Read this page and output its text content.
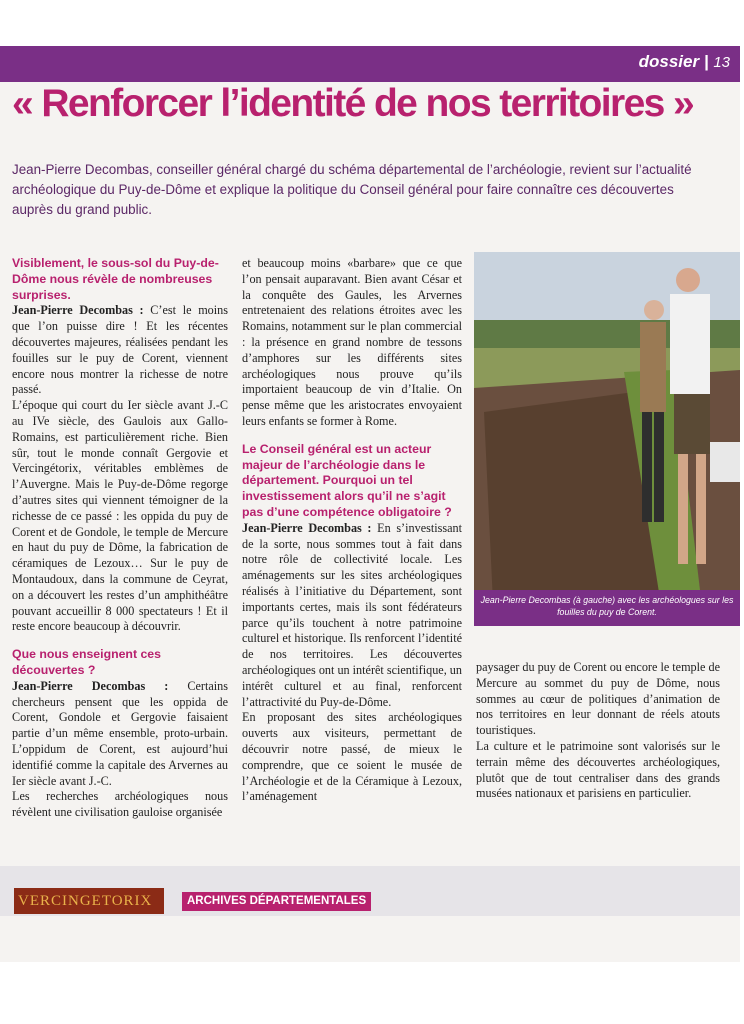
dossier | 13
« Renforcer l’identité de nos territoires »
Jean-Pierre Decombas, conseiller général chargé du schéma départemental de l’archéologie, revient sur l’actualité archéologique du Puy-de-Dôme et explique la politique du Conseil général pour faire connaître ces découvertes auprès du grand public.

Visiblement, le sous-sol du Puy-de-Dôme nous révèle de nombreuses surprises.

Jean-Pierre Decombas : C’est le moins que l’on puisse dire ! Et les récentes découvertes majeures, réalisées pendant les fouilles sur le puy de Corent, viennent encore nous montrer la richesse de notre passé.

L’époque qui court du Ier siècle avant J.-C au IVe siècle, des Gaulois aux Gallo-Romains, est particulièrement riche. Bien sûr, tout le monde connaît Gergovie et Vercingétorix, véritables emblèmes de l’Auvergne. Mais le Puy-de-Dôme regorge d’autres sites qui viennent témoigner de la richesse de ce passé : les oppida du puy de Corent et de Gondole, le temple de Mercure en haut du puy de Dôme, la fabrication de céramiques de Lezoux… Sur le puy de Montaudoux, dans la commune de Ceyrat, on a découvert les restes d’un amphithéâtre pouvant accueillir 8 000 spectateurs ! Et il reste encore beaucoup à découvrir.

Que nous enseignent ces découvertes ?

Jean-Pierre Decombas : Certains chercheurs pensent que les oppida de Corent, Gondole et Gergovie faisaient partie d’un même ensemble, proto-urbain. L’oppidum de Corent, est aujourd’hui identifié comme la capitale des Arvernes au Ier siècle avant J.-C.

Les recherches archéologiques nous révèlent une civilisation gauloise organisée

et beaucoup moins «barbare» que ce que l’on pensait auparavant. Bien avant César et la conquête des Gaules, les Arvernes entretenaient des relations étroites avec les Romains, notamment sur le plan commercial : la présence en grand nombre de tessons d’amphores sur les différents sites archéologiques nous prouve qu’ils importaient beaucoup de vin d’Italie. On pense même que les aristocrates envoyaient leurs enfants se former à Rome.

Le Conseil général est un acteur majeur de l’archéologie dans le département. Pourquoi un tel investissement alors qu’il ne s’agit pas d’une compétence obligatoire ?

Jean-Pierre Decombas : En s’investissant de la sorte, nous sommes tout à fait dans notre rôle de collectivité locale. Les aménagements sur les sites archéologiques réalisés à l’initiative du Département, sont importants certes, mais ils sont fédérateurs parce qu’ils touchent à notre patrimoine culturel et historique. Ils renforcent l’identité de nos territoires. Les découvertes archéologiques ont un intérêt scientifique, un intérêt culturel et au final, renforcent l’attractivité du Puy-de-Dôme.

En proposant des sites archéologiques ouverts aux visiteurs, permettant de découvrir notre passé, de mieux le comprendre, que ce soient le musée de l’Archéologie et de la Céramique à Lezoux, l’aménagement

Jean-Pierre Decombas (à gauche) avec les archéologues sur les fouilles du puy de Corent.

paysager du puy de Corent ou encore le temple de Mercure au sommet du puy de Dôme, nous sommes au cœur de politiques d’animation de nos territoires en leur donnant de réels atouts touristiques.

La culture et le patrimoine sont valorisés sur le terrain même des découvertes archéologiques, plutôt que de tout centraliser dans des grands musées nationaux et parisiens en particulier.

VERCINGETORIX	ARCHIVES DÉPARTEMENTALES
